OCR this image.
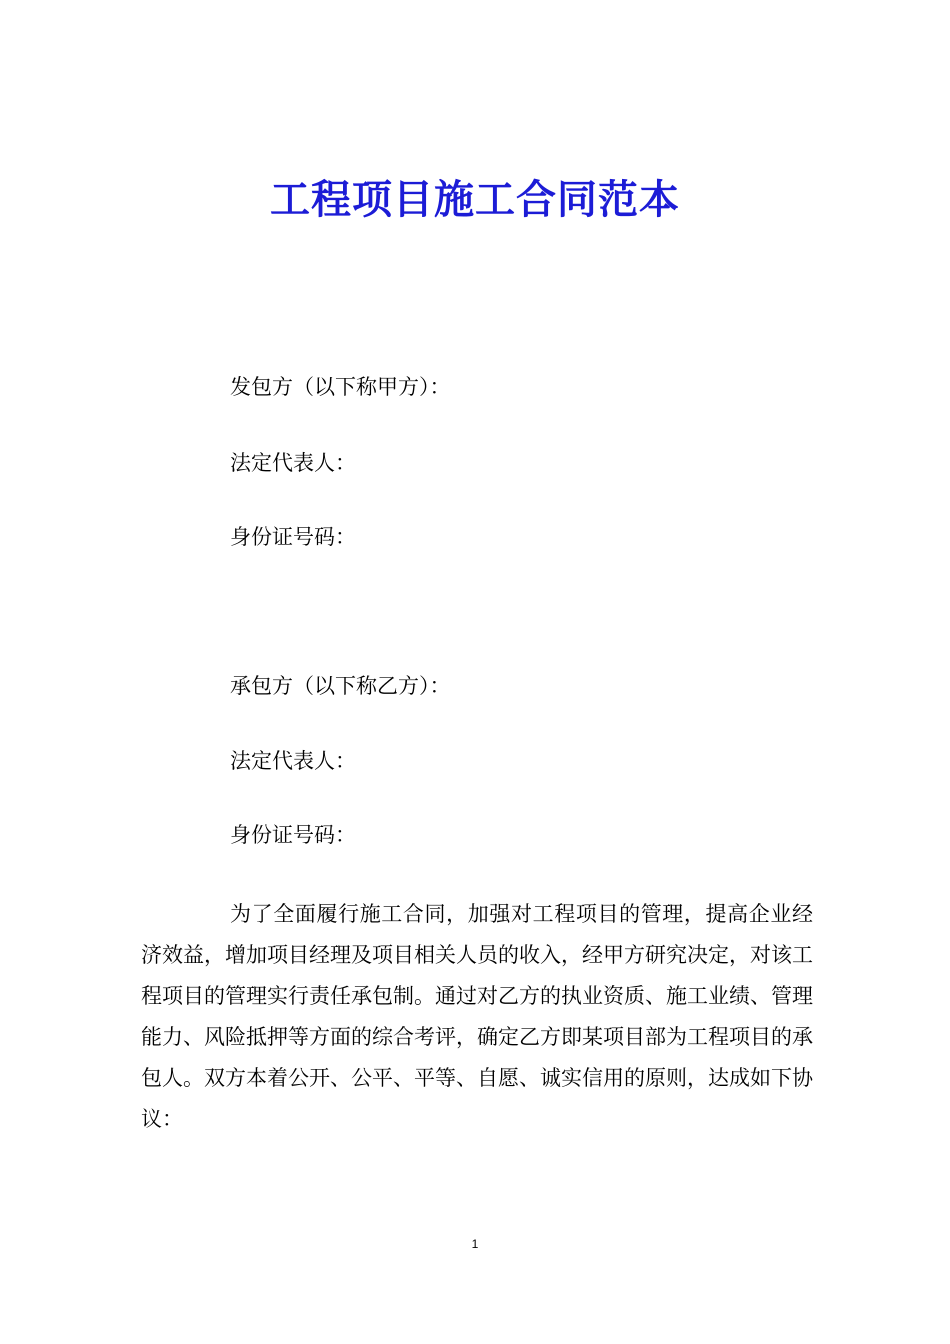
工程项目施工合同范本
发包方（以下称甲方）：
法定代表人：
身份证号码：
承包方（以下称乙方）：
法定代表人：
身份证号码：

为了全面履行施工合同，加强对工程项目的管理，提高企业经济效益，增加项目经理及项目相关人员的收入，经甲方研究决定，对该工程项目的管理实行责任承包制。通过对乙方的执业资质、施工业绩、管理能力、风险抵押等方面的综合考评，确定乙方即某项目部为工程项目的承包人。双方本着公开、公平、平等、自愿、诚实信用的原则，达成如下协议：

1
